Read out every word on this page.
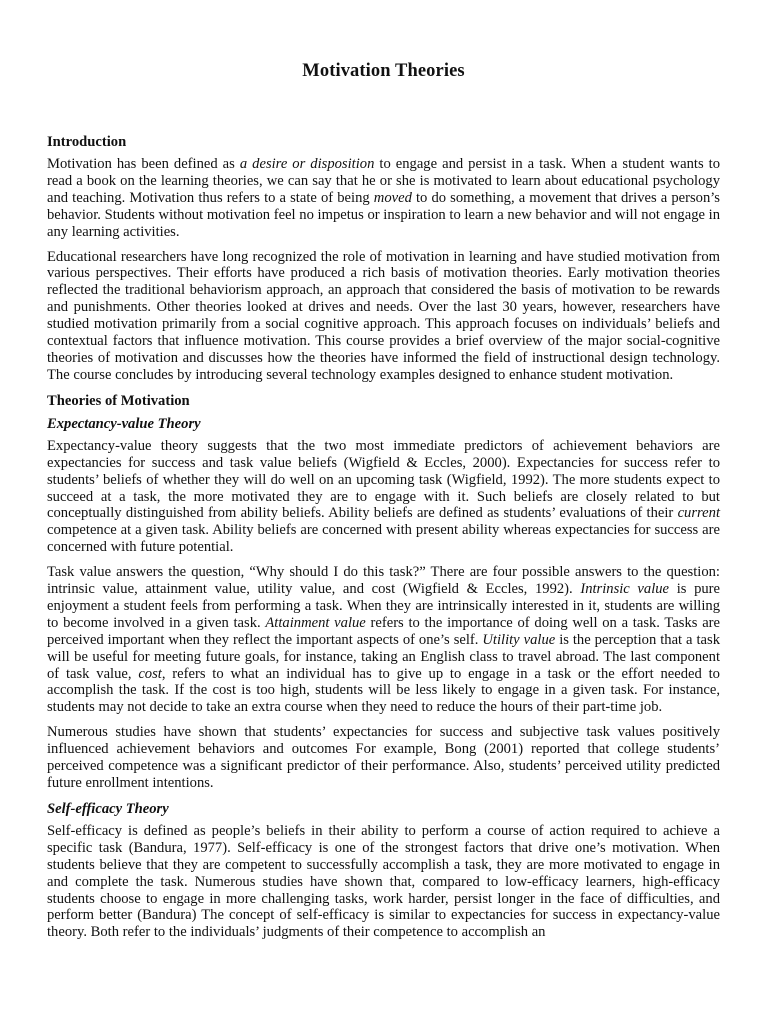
Motivation Theories
Introduction

Motivation has been defined as a desire or disposition to engage and persist in a task. When a student wants to read a book on the learning theories, we can say that he or she is motivated to learn about educational psychology and teaching. Motivation thus refers to a state of being moved to do something, a movement that drives a person’s behavior. Students without motivation feel no impetus or inspiration to learn a new behavior and will not engage in any learning activities.

Educational researchers have long recognized the role of motivation in learning and have studied motivation from various perspectives. Their efforts have produced a rich basis of motivation theories. Early motivation theories reflected the traditional behaviorism approach, an approach that considered the basis of motivation to be rewards and punishments. Other theories looked at drives and needs. Over the last 30 years, however, researchers have studied motivation primarily from a social cognitive approach. This approach focuses on individuals’ beliefs and contextual factors that influence motivation. This course provides a brief overview of the major social-cognitive theories of motivation and discusses how the theories have informed the field of instructional design technology. The course concludes by introducing several technology examples designed to enhance student motivation.

Theories of Motivation
Expectancy-value Theory

Expectancy-value theory suggests that the two most immediate predictors of achievement behaviors are expectancies for success and task value beliefs (Wigfield & Eccles, 2000). Expectancies for success refer to students’ beliefs of whether they will do well on an upcoming task (Wigfield, 1992). The more students expect to succeed at a task, the more motivated they are to engage with it. Such beliefs are closely related to but conceptually distinguished from ability beliefs. Ability beliefs are defined as students’ evaluations of their current competence at a given task. Ability beliefs are concerned with present ability whereas expectancies for success are concerned with future potential.

Task value answers the question, “Why should I do this task?” There are four possible answers to the question: intrinsic value, attainment value, utility value, and cost (Wigfield & Eccles, 1992). Intrinsic value is pure enjoyment a student feels from performing a task. When they are intrinsically interested in it, students are willing to become involved in a given task. Attainment value refers to the importance of doing well on a task. Tasks are perceived important when they reflect the important aspects of one’s self. Utility value is the perception that a task will be useful for meeting future goals, for instance, taking an English class to travel abroad. The last component of task value, cost, refers to what an individual has to give up to engage in a task or the effort needed to accomplish the task. If the cost is too high, students will be less likely to engage in a given task. For instance, students may not decide to take an extra course when they need to reduce the hours of their part-time job.

Numerous studies have shown that students’ expectancies for success and subjective task values positively influenced achievement behaviors and outcomes For example, Bong (2001) reported that college students’ perceived competence was a significant predictor of their performance. Also, students’ perceived utility predicted future enrollment intentions.

Self-efficacy Theory

Self-efficacy is defined as people’s beliefs in their ability to perform a course of action required to achieve a specific task (Bandura, 1977). Self-efficacy is one of the strongest factors that drive one’s motivation. When students believe that they are competent to successfully accomplish a task, they are more motivated to engage in and complete the task. Numerous studies have shown that, compared to low-efficacy learners, high-efficacy students choose to engage in more challenging tasks, work harder, persist longer in the face of difficulties, and perform better (Bandura) The concept of self-efficacy is similar to expectancies for success in expectancy-value theory. Both refer to the individuals’ judgments of their competence to accomplish an
